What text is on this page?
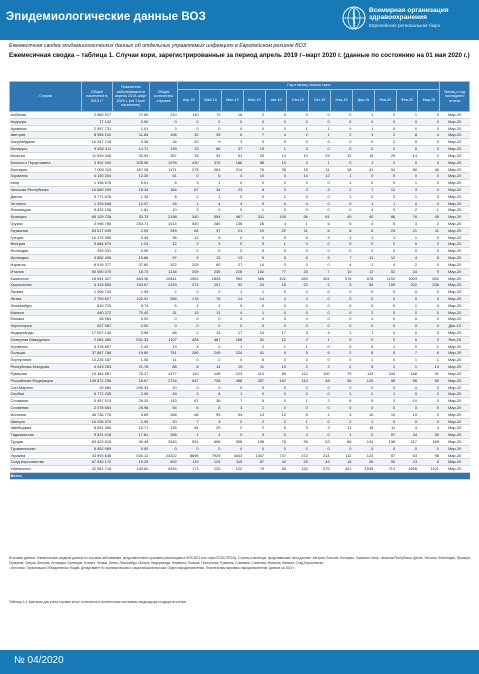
Эпидемиологические данные ВОЗ
Всемирная организация
здравоохранения
Европейское региональное бюро
Ежемесячная сводка эпидемиологических данных об отдельных управляемых инфекциях в Европейском регионе ВОЗ
Ежемесячная сводка – таблица 1. Случаи кори, зарегистрированные за период апрель 2019 г–март 2020 г. (данные по состоянию на 01 мая 2020 г.)
Страна	Общее население в 2019 г.¹	Показатель заболеваемости апрель 2019–март 2020 г. (на 1 млн населения)	Общее количество случаев	Год и месяц начала сыпи												Месяц и год последнего отчета
				Апр-19	Май-19	Июн-19	Июл-19	Авг-19	Сен-19	Окт-19	Ноя-19	Дек-19	Янв-20	Фев-20	Мар-20	
Албания	2 880 917	72.89	210	110	72	18	2	4	0	0	0	1	2	1	0	Мар-20
Андорра	77 142	0.00	0	0	0	0	0	0	0	0	0	0	0	0	0	Мар-20
Армения	2 957 731	1.01	3	0	0	0	0	0	1	1	0	1	0	0	0	Мар-20
Австрия	8 955 102	11.84	106	32	35	6	7	4	2	1	2	3	2	8	4	Мар-20
Азербайджан	10 047 718	3.38	34	20	9	3	0	0	0	0	0	0	2	0	0	Мар-20
Беларусь	9 452 411	14.71	139	23	66	37	15	1	0	0	0	0	0	0	0	Мар-20
Бельгия	11 539 328	30.94	357	33	93	61	25	14	10	29	32	15	29	14	2	Мар-20
Босния и Герцеговина	3 301 000	325.96	1076	430	376	186	58	19	3	1	0	1	2	0	0	Мар-20
Болгария	7 000 119	167.28	1171	278	263	214	76	35	15	11	18	41	94	80	46	Мар-20
Хорватия	4 130 304	12.35	51	0	6	4	10	4	14	12	1	0	0	0	0	Мар-20
Кипр	1 198 575	5.01	6	3	1	0	0	0	0	0	1	0	0	1	0	Мар-20
Чешская Республика	10 689 209	15.34	164	67	34	23	8	3	2	3	2	7	12	3	0	Мар-20
Дания	5 771 876	1.39	8	2	1	0	0	1	0	0	1	0	2	1	0	Мар-20
Эстония	1 325 648	12.07	16	1	4	4	5	0	0	0	0	1	1	0	0	Мар-20
Финляндия	5 532 156	1.81	10	2	0	0	1	0	0	0	0	4	0	2	1	Мар-20
Франция	65 129 728	33.75	2198	340	554	467	311	109	56	61	49	40	86	76	49	Мар-20
Грузия	3 996 765	253.71	1014	540	280	136	26	4	1	6	6	4	6	3	2	Мар-20
Германия	83 517 045	2.99	249	64	37	21	19	22	11	5	8	6	24	21	11	Мар-20
Греция	10 473 455	3.44	36	12	5	0	0	0	6	9	1	1	1	1	0	Мар-20
Венгрия	9 684 679	1.24	12	2	9	0	0	1	0	0	0	0	0	0	0	Мар-20
Исландия	339 031	5.90	2	0	0	0	0	0	0	0	0	2	0	0	0	Мар-20
Ирландия	4 882 495	19.86	97	9	13	13	5	3	6	9	7	11	12	4	5	Мар-20
Израиль	8 519 377	37.80	322	203	60	27	14	3	3	0	4	2	4	2	0	Мар-20
Италия	60 550 075	18.73	1134	309	236	216	152	77	20	7	10	12	52	34	9	Мар-20
Казахстан	18 551 427	584.36	10841	1963	1828	954	586	402	283	424	576	878	1192	1003	652	Мар-20
Кыргызстан	6 415 850	194.67	1249	374	101	52	24	18	22	2	5	54	159	202	236	Мар-20
Латвия	1 906 743	1.05	2	0	0	1	1	0	0	0	0	0	0	0	0	Мар-20
Литва	2 759 627	102.91	284	176	76	14	14	4	0	0	0	0	0	0	0	Мар-20
Люксембург	615 729	9.74	6	4	1	0	0	0	0	0	0	0	0	1	0	Мар-20
Мальта	440 372	70.40	31	13	11	4	1	0	0	0	0	2	0	0	0	Мар-20
Монако	38 964	0.00	0	0	0	0	0	0	0	0	0	0	0	0	0	Мар-20
Черногория	627 987	0.00	0	0	0	0	0	0	0	0	0	0	0	0	0	Дек-19
Нидерланды	17 097 130	3.98	68	2	13	17	10	17	3	4	1	1	0	0	0	Мар-20
Северная Македония	2 083 459	531.33	1107	428	467	168	31	12	2	1	0	0	0	0	0	Янв-20
Норвегия	5 378 857	2.42	13	4	2	1	2	1	1	0	0	0	1	0	1	Мар-20
Польша	37 887 768	19.80	751	289	249	124	41	9	5	6	2	8	5	7	6	Мар-20
Португалия	10 226 187	1.08	11	0	2	0	6	0	0	0	0	1	0	1	1	Мар-20
Республика Молдова	4 043 263	21.76	88	8	14	19	11	10	2	2	2	8	2	1	14	Мар-20
Румыния	19 364 557	76.27	1477	110	148	123	110	80	112	100	79	112	244	168	91	Мар-20
Российская Федерация	145 872 256	18.67	2724	547	728	468	257	167	110	48	56	126	96	56	50	Мар-20
Сан-Марино	33 860	295.33	10	0	0	0	0	0	0	0	0	0	0	0	0	Мар-20
Сербия	8 772 235	2.05	18	3	8	1	0	0	0	0	1	2	1	0	2	Мар-20
Словакия	5 457 013	26.20	143	67	36	7	5	0	1	2	6	5	3	10	0	Мар-20
Словения	2 078 654	25.98	54	6	8	3	1	0	0	0	0	0	0	0	0	Мар-20
Испания	46 736 776	5.69	266	68	99	54	13	12	8	1	3	10	10	10	0	Мар-20
Швеция	10 036 379	1.99	20	7	3	2	2	2	1	0	2	1	0	0	0	Мар-20
Швейцария	8 591 365	15.71	135	54	29	2	2	5	5	2	11	15	11	4	4	Мар-20
Таджикистан	9 321 018	17.81	166	1	4	0	0	0	0	0	1	0	57	44	59	Мар-20
Турция	83 429 615	30.48	2543	591	606	306	158	76	39	53	66	104	138	217	189	Мар-20
Туркменистан	5 942 089	0.00	0	0	0	0	0	0	0	0	0	0	0	0	0	Мар-20
Украина	43 993 638	530.12	23322	8696	7929	3443	1447	737	372	214	112	124	87	63	98	Мар-20
Соед.Королевство	67 530 172	10.25	692	119	129	115	87	42	29	49	15	26	50	23	8	Мар-20
Узбекистан	32 981 716	149.60	4934	173	125	122	79	65	130	275	421	1535	714	1606	1101	Мар-20
Всего																
Итоговые данные. Ежемесячные сводные данные по случаям заболевания, представленные странами участницами в DRS ВОЗ или через ECDC/TESSy. Страны-участницы, представившие свои данные: Австрия, Бельгия, Болгария, Хорватия, Кипр, Чешская Республика, Дания, Эстония, Финляндия, Франция, Германия, Греция, Венгрия, Исландия, Ирландия, Италия, Латвия, Литва, Люксембург, Мальта, Нидерланды, Норвегия, Польша, Португалия, Румыния, Словакия, Словения, Испания, Швеция, Соед.Королевство.
¹ Источник: Организация Объединенных Наций, Департамент по экономическим и социальным вопросам, Отдел народонаселения. Перспективы мирового народонаселения: данные за 2019 г.
Таблица 1-4. Критерии для учета случаев могут отличаться в соответствии системами эпиднадзора государств-членов.
№ 04/2020
